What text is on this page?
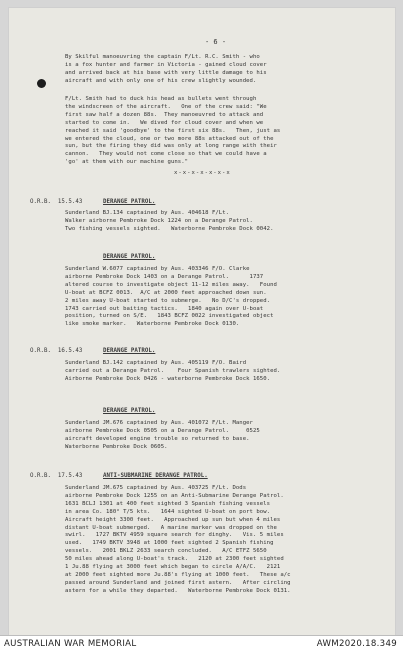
- 6 -
By Skilful manoeuvring the captain F/Lt. R.C. Smith - who
is a fox hunter and farmer in Victoria - gained cloud cover
and arrived back at his base with very little damage to his
aircraft and with only one of his crew slightly wounded.
F/Lt. Smith had to duck his head as bullets went through
the windscreen of the aircraft.   One of the crew said: "We
first saw half a dozen 88s.  They manoeuvred to attack and
started to come in.   We dived for cloud cover and when we
reached it said 'goodbye' to the first six 88s.   Then, just as
we entered the cloud, one or two more 88s attacked out of the
sun, but the firing they did was only at long range with their
cannon.   They would not come close so that we could have a
'go' at them with our machine guns."
x-x-x-x-x-x-x
O.R.B.  15.5.43	DERANGE PATROL.
Sunderland BJ.134 captained by Aus. 404618 F/Lt.
Walker airborne Pembroke Dock 1224 on a Derange Patrol.
Two fishing vessels sighted.   Waterborne Pembroke Dock 0042.
DERANGE PATROL.
Sunderland W.6077 captained by Aus. 403346 F/O. Clarke
airborne Pembroke Dock 1403 on a Derange Patrol.      1737
altered course to investigate object 11-12 miles away.   Found
U-boat at BCFZ 0013.  A/C at 2000 feet approached down sun.
2 miles away U-boat started to submerge.   No D/C's dropped.
1743 carried out baiting tactics.   1840 again over U-boat
position, turned on S/E.   1843 BCFZ 0022 investigated object
like smoke marker.   Waterborne Pembroke Dock 0130.
O.R.B.  16.5.43	DERANGE PATROL.
Sunderland BJ.142 captained by Aus. 405119 F/O. Baird
carried out a Derange Patrol.    Four Spanish trawlers sighted.
Airborne Pembroke Dock 0426 - waterborne Pembroke Dock 1650.
DERANGE PATROL.
Sunderland JM.676 captained by Aus. 401072 F/Lt. Manger
airborne Pembroke Dock 0505 on a Derange Patrol.     0525
aircraft developed engine trouble so returned to base.
Waterborne Pembroke Dock 0605.
O.R.B.  17.5.43	ANTI-SUBMARINE DERANGE PATROL.
Sunderland JM.675 captained by Aus. 403725 F/Lt. Dods
airborne Pembroke Dock 1255 on an Anti-Submarine Derange Patrol.
1631 BCLJ 1301 at 400 feet sighted 3 Spanish fishing vessels
in area Co. 180° T/5 kts.   1644 sighted U-boat on port bow.
Aircraft height 3300 feet.   Approached up sun but when 4 miles
distant U-boat submerged.   A marine marker was dropped on the
swirl.   1727 BKTV 4959 square search for dinghy.   Vis. 5 miles
used.   1749 BKTV 3948 at 1000 feet sighted 2 Spanish fishing
vessels.   2001 BKLZ 2633 search concluded.   A/C ETFZ 5650
50 miles ahead along U-boat's track.   2120 at 2300 feet sighted
1 Ju.88 flying at 3000 feet which began to circle A/A/C.   2121
at 2000 feet sighted more Ju.88's flying at 1000 feet.   These a/c
passed around Sunderland and joined first astern.   After circling
astern for a while they departed.   Waterborne Pembroke Dock 0131.
AUSTRALIAN WAR MEMORIAL	AWM2020.18.349
